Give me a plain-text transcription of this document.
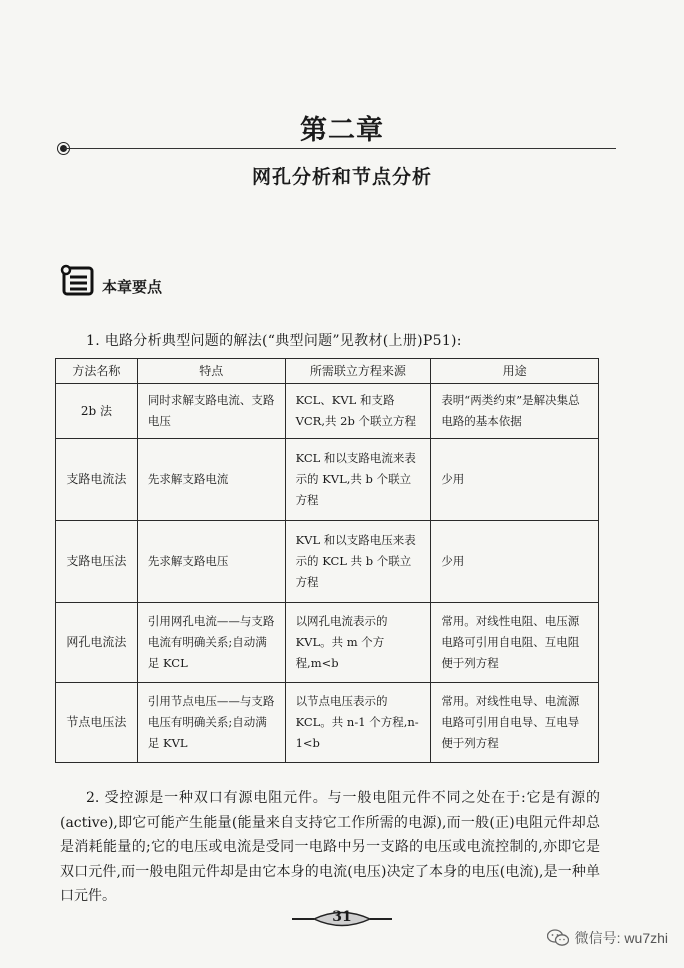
第二章
网孔分析和节点分析
本章要点
1. 电路分析典型问题的解法(“典型问题”见教材(上册)P51):
方法名称	特点	所需联立方程来源	用途
2b 法	同时求解支路电流、支路电压	KCL、KVL 和支路VCR,共 2b 个联立方程	表明“两类约束”是解决集总电路的基本依据
支路电流法	先求解支路电流	KCL 和以支路电流来表示的 KVL,共 b 个联立方程	少用
支路电压法	先求解支路电压	KVL 和以支路电压来表示的 KCL 共 b 个联立方程	少用
网孔电流法	引用网孔电流——与支路电流有明确关系;自动满足 KCL	以网孔电流表示的KVL。共 m 个方程,m<b	常用。对线性电阻、电压源电路可引用自电阻、互电阻便于列方程
节点电压法	引用节点电压——与支路电压有明确关系;自动满足 KVL	以节点电压表示的KCL。共 n-1 个方程,n-1<b	常用。对线性电导、电流源电路可引用自电导、互电导便于列方程
2. 受控源是一种双口有源电阻元件。与一般电阻元件不同之处在于:它是有源的(active),即它可能产生能量(能量来自支持它工作所需的电源),而一般(正)电阻元件却总是消耗能量的;它的电压或电流是受同一电路中另一支路的电压或电流控制的,亦即它是双口元件,而一般电阻元件却是由它本身的电流(电压)决定了本身的电压(电流),是一种单口元件。
31
微信号: wu7zhi
